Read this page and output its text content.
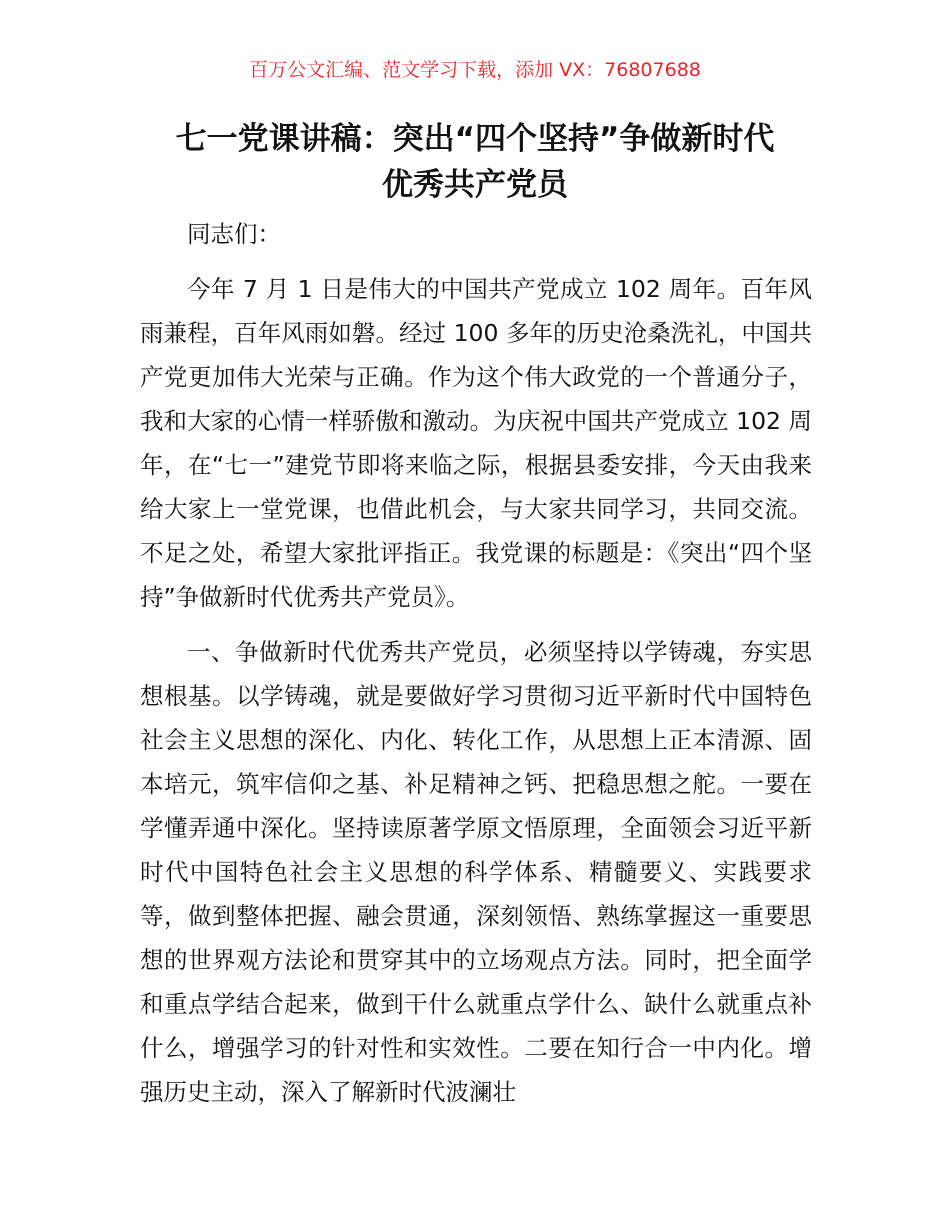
百万公文汇编、范文学习下载，添加 VX：76807688
七一党课讲稿：突出“四个坚持”争做新时代
优秀共产党员

同志们：

今年 7 月 1 日是伟大的中国共产党成立 102 周年。百年风雨兼程，百年风雨如磐。经过 100 多年的历史沧桑洗礼，中国共产党更加伟大光荣与正确。作为这个伟大政党的一个普通分子，我和大家的心情一样骄傲和激动。为庆祝中国共产党成立 102 周年，在“七一”建党节即将来临之际，根据县委安排，今天由我来给大家上一堂党课，也借此机会，与大家共同学习，共同交流。不足之处，希望大家批评指正。我党课的标题是：《突出“四个坚持”争做新时代优秀共产党员》。

一、争做新时代优秀共产党员，必须坚持以学铸魂，夯实思想根基。以学铸魂，就是要做好学习贯彻习近平新时代中国特色社会主义思想的深化、内化、转化工作，从思想上正本清源、固本培元，筑牢信仰之基、补足精神之钙、把稳思想之舵。一要在学懂弄通中深化。坚持读原著学原文悟原理，全面领会习近平新时代中国特色社会主义思想的科学体系、精髓要义、实践要求等，做到整体把握、融会贯通，深刻领悟、熟练掌握这一重要思想的世界观方法论和贯穿其中的立场观点方法。同时，把全面学和重点学结合起来，做到干什么就重点学什么、缺什么就重点补什么，增强学习的针对性和实效性。二要在知行合一中内化。增强历史主动，深入了解新时代波澜壮
